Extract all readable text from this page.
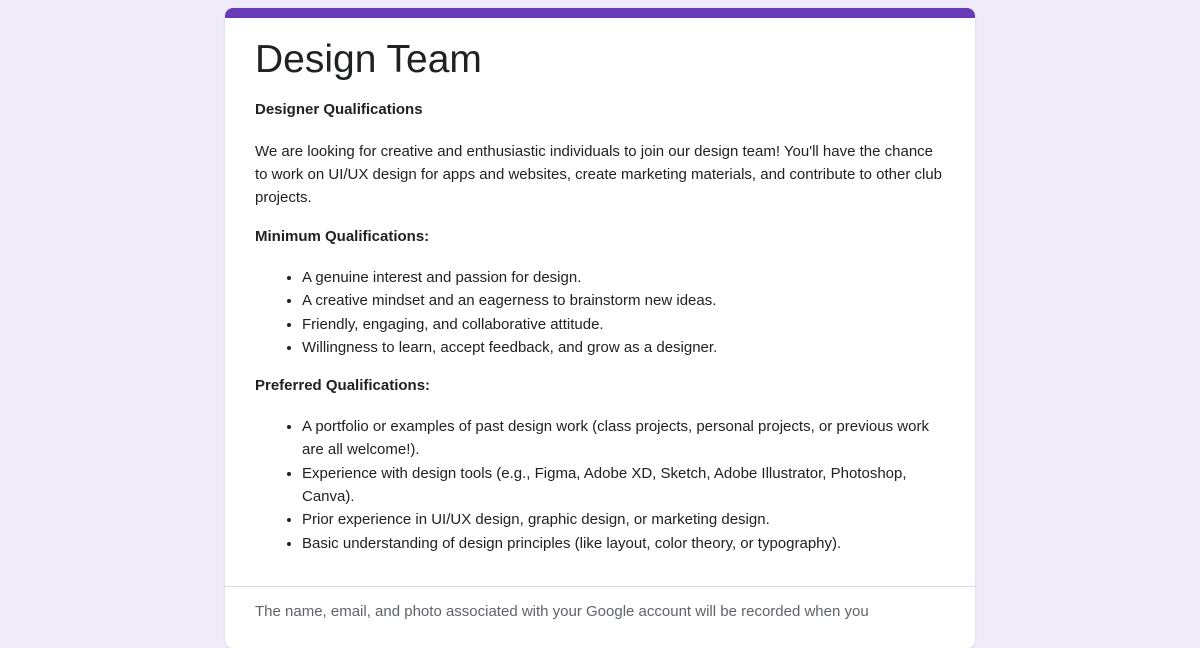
Design Team

Designer Qualifications

We are looking for creative and enthusiastic individuals to join our design team! You'll have the chance to work on UI/UX design for apps and websites, create marketing materials, and contribute to other club projects.

Minimum Qualifications:

• A genuine interest and passion for design.
• A creative mindset and an eagerness to brainstorm new ideas.
• Friendly, engaging, and collaborative attitude.
• Willingness to learn, accept feedback, and grow as a designer.

Preferred Qualifications:

• A portfolio or examples of past design work (class projects, personal projects, or previous work are all welcome!).
• Experience with design tools (e.g., Figma, Adobe XD, Sketch, Adobe Illustrator, Photoshop, Canva).
• Prior experience in UI/UX design, graphic design, or marketing design.
• Basic understanding of design principles (like layout, color theory, or typography).

The name, email, and photo associated with your Google account will be recorded when you
